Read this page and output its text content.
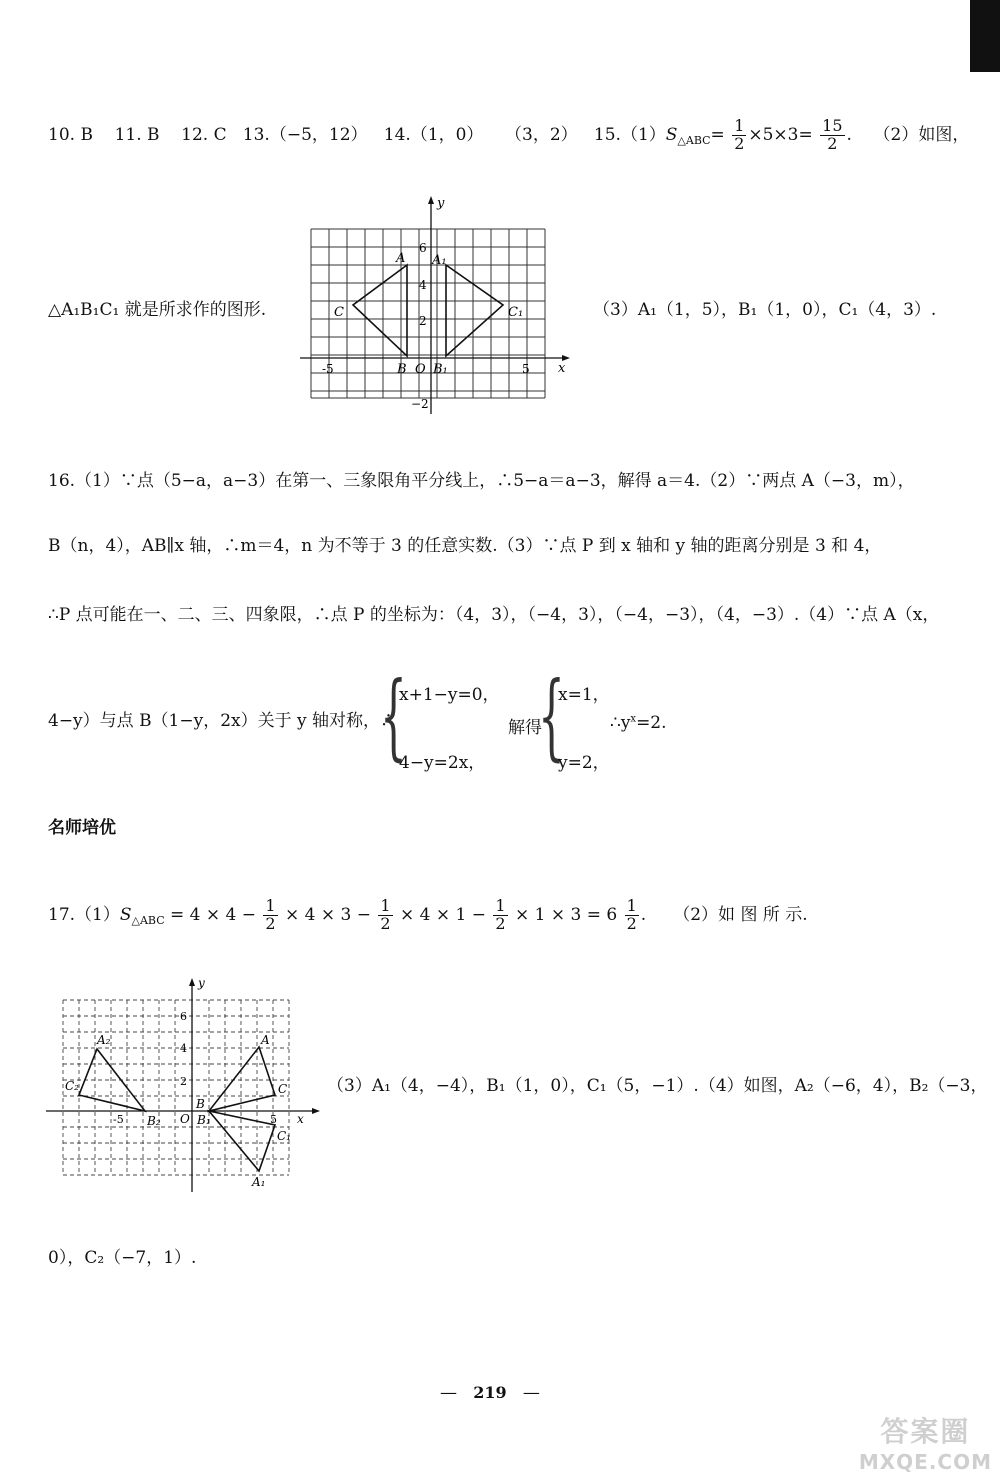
10. B 11. B 12. C 13.（−5，12） 14.（1，0） （3，2） $15.(1)S_{\triangle ABC}= \frac{1}{2} \times 5\times 3= \frac{15}{2}$ . （2）如图，
A A₁
C	C₁
B O B₁	x
y
6
4
2
-5	5
−2
△A₁B₁C₁ 就是所求作的图形.	（3）A₁（1，5），B₁（1，0），C₁（4，3）.
16.（1）∵点（5−a，a−3）在第一、三象限角平分线上，∴5−a＝a−3，解得 a＝4.（2）∵两点 A（−3，m），
B（n，4），AB∥x 轴，∴m＝4，n 为不等于 3 的任意实数.（3）∵点 P 到 x 轴和 y 轴的距离分别是 3 和 4，
∴P 点可能在一、二、三、四象限，∴点 P 的坐标为：（4，3），（−4，3），（−4，−3），（4，−3）.（4）∵点 A（x，
4−y）与点 B（1−y，2x）关于 y 轴对称，∴
{
x+1−y=0，
4−y=2x，
解得
{
x=1，
y=2，
$\therefore y^x=2$.
名师培优
$17.(1)S_{\triangle ABC} = 4 \times 4 - \frac{1}{2} \times 4 \times 3 - \frac{1}{2} \times 4 \times 1 - \frac{1}{2} \times 1 \times 3 = 6 \frac{1}{2}$ . （2）如 图 所 示.
A₂
C₂
B₂ O
B
B₁
A
C
C₁
A₁
x
y
6
4
2
-5	5
（3）A₁（4，−4），B₁（1，0），C₁（5，−1）.（4）如图，A₂（−6，4），B₂（−3，
0），C₂（−7，1）.
— 219 —
答案圈
MXQE.COM
